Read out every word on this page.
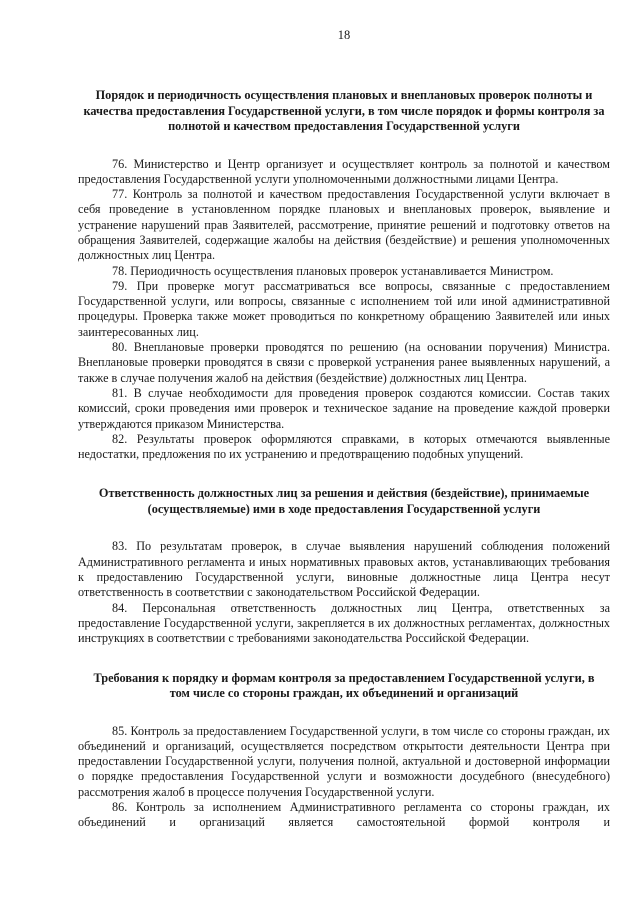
18
Порядок и периодичность осуществления плановых и внеплановых проверок полноты и качества предоставления Государственной услуги, в том числе порядок и формы контроля за полнотой и качеством предоставления Государственной услуги

76. Министерство и Центр организует и осуществляет контроль за полнотой и качеством предоставления Государственной услуги уполномоченными должностными лицами Центра.

77. Контроль за полнотой и качеством предоставления Государственной услуги включает в себя проведение в установленном порядке плановых и внеплановых проверок, выявление и устранение нарушений прав Заявителей, рассмотрение, принятие решений и подготовку ответов на обращения Заявителей, содержащие жалобы на действия (бездействие) и решения уполномоченных должностных лиц Центра.

78. Периодичность осуществления плановых проверок устанавливается Министром.

79. При проверке могут рассматриваться все вопросы, связанные с предоставлением Государственной услуги, или вопросы, связанные с исполнением той или иной административной процедуры. Проверка также может проводиться по конкретному обращению Заявителей или иных заинтересованных лиц.

80. Внеплановые проверки проводятся по решению (на основании поручения) Министра. Внеплановые проверки проводятся в связи с проверкой устранения ранее выявленных нарушений, а также в случае получения жалоб на действия (бездействие) должностных лиц Центра.

81. В случае необходимости для проведения проверок создаются комиссии. Состав таких комиссий, сроки проведения ими проверок и техническое задание на проведение каждой проверки утверждаются приказом Министерства.

82. Результаты проверок оформляются справками, в которых отмечаются выявленные недостатки, предложения по их устранению и предотвращению подобных упущений.

Ответственность должностных лиц за решения и действия (бездействие), принимаемые (осуществляемые) ими в ходе предоставления Государственной услуги

83. По результатам проверок, в случае выявления нарушений соблюдения положений Административного регламента и иных нормативных правовых актов, устанавливающих требования к предоставлению Государственной услуги, виновные должностные лица Центра несут ответственность в соответствии с законодательством Российской Федерации.

84. Персональная ответственность должностных лиц Центра, ответственных за предоставление Государственной услуги, закрепляется в их должностных регламентах, должностных инструкциях в соответствии с требованиями законодательства Российской Федерации.

Требования к порядку и формам контроля за предоставлением Государственной услуги, в том числе со стороны граждан, их объединений и организаций

85. Контроль за предоставлением Государственной услуги, в том числе со стороны граждан, их объединений и организаций, осуществляется посредством открытости деятельности Центра при предоставлении Государственной услуги, получения полной, актуальной и достоверной информации о порядке предоставления Государственной услуги и возможности досудебного (внесудебного) рассмотрения жалоб в процессе получения Государственной услуги.

86. Контроль за исполнением Административного регламента со стороны граждан, их объединений и организаций является самостоятельной формой контроля и
